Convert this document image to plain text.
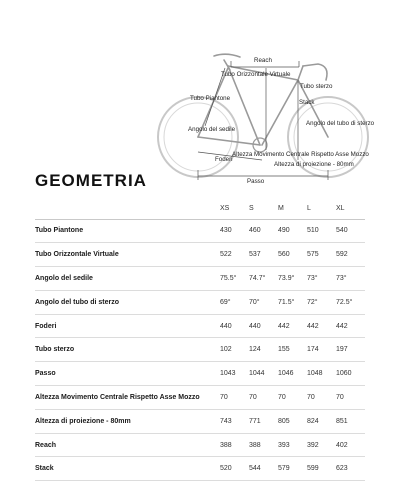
Reach
Tubo Orizzontale Virtuale
Tubo sterzo
Tubo Piantone
Stack
Angolo del sedile
Angolo del tubo di sterzo
Foderi
Altezza Movimento Centrale Rispetto Asse Mozzo
Altezza di proiezione - 80mm
Passo
GEOMETRIA
	XS	S	M	L	XL
Tubo Piantone	430	460	490	510	540
Tubo Orizzontale Virtuale	522	537	560	575	592
Angolo del sedile	75.5°	74.7°	73.9°	73°	73°
Angolo del tubo di sterzo	69°	70°	71.5°	72°	72.5°
Foderi	440	440	442	442	442
Tubo sterzo	102	124	155	174	197
Passo	1043	1044	1046	1048	1060
Altezza Movimento Centrale Rispetto Asse Mozzo	70	70	70	70	70
Altezza di proiezione - 80mm	743	771	805	824	851
Reach	388	388	393	392	402
Stack	520	544	579	599	623
